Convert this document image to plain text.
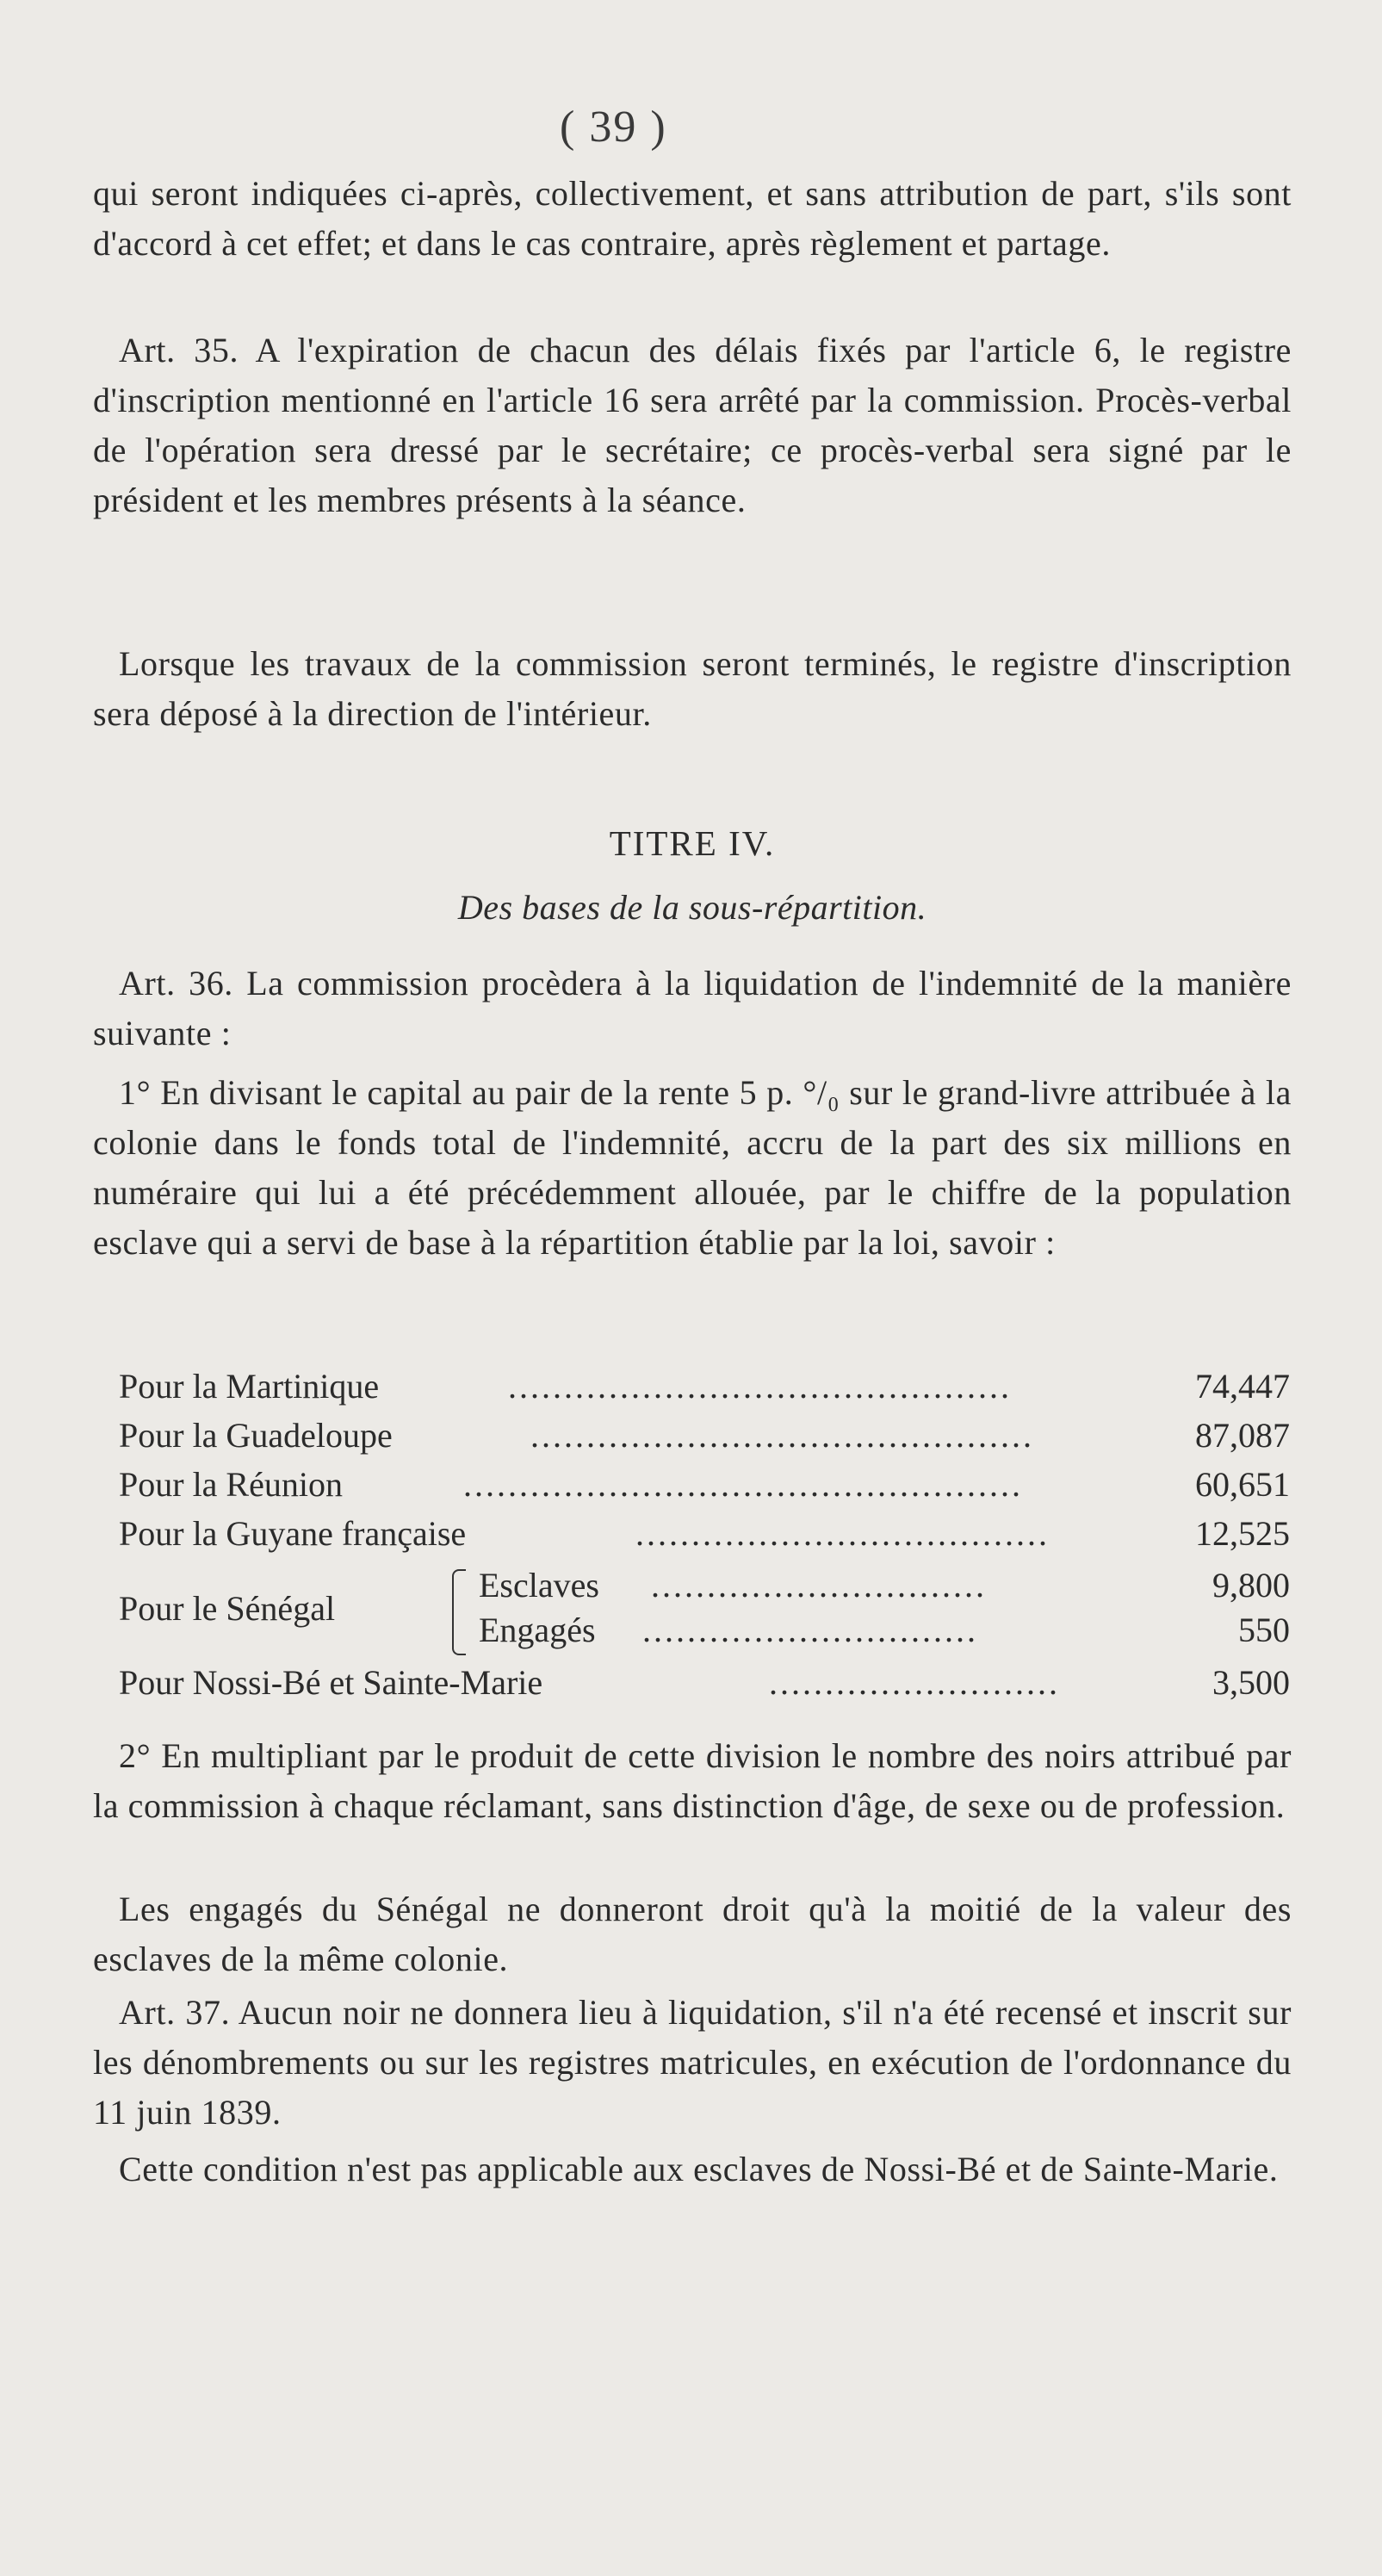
( 39 )
qui seront indiquées ci-après, collectivement, et sans attribution de part, s'ils sont d'accord à cet effet; et dans le cas contraire, après règlement et partage.
Art. 35. A l'expiration de chacun des délais fixés par l'article 6, le registre d'inscription mentionné en l'article 16 sera arrêté par la commission. Procès-verbal de l'opération sera dressé par le secrétaire; ce procès-verbal sera signé par le président et les membres présents à la séance.
Lorsque les travaux de la commission seront terminés, le registre d'inscription sera déposé à la direction de l'intérieur.
TITRE IV.
Des bases de la sous-répartition.
Art. 36. La commission procèdera à la liquidation de l'indemnité de la manière suivante :
1° En divisant le capital au pair de la rente 5 p. °/₀ sur le grand-livre attribuée à la colonie dans le fonds total de l'indemnité, accru de la part des six millions en numéraire qui lui a été précédemment allouée, par le chiffre de la population esclave qui a servi de base à la répartition établie par la loi, savoir :
Pour la Martinique	.............................................	74,447
Pour la Guadeloupe	.............................................	87,087
Pour la Réunion	..................................................	60,651
Pour la Guyane française	.....................................	12,525
Pour le Sénégal
Esclaves ..............................	9,800
Engagés ..............................	550
Pour Nossi-Bé et Sainte-Marie	..........................	3,500
2° En multipliant par le produit de cette division le nombre des noirs attribué par la commission à chaque réclamant, sans distinction d'âge, de sexe ou de profession.
Les engagés du Sénégal ne donneront droit qu'à la moitié de la valeur des esclaves de la même colonie.
Art. 37. Aucun noir ne donnera lieu à liquidation, s'il n'a été recensé et inscrit sur les dénombrements ou sur les registres matricules, en exécution de l'ordonnance du 11 juin 1839.
Cette condition n'est pas applicable aux esclaves de Nossi-Bé et de Sainte-Marie.
